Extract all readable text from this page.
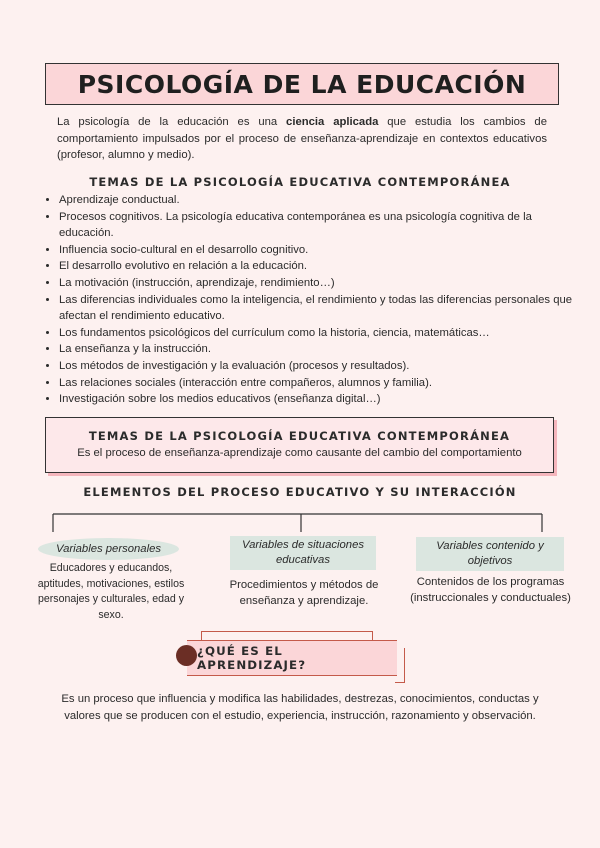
PSICOLOGÍA DE LA EDUCACIÓN

La psicología de la educación es una ciencia aplicada que estudia los cambios de comportamiento impulsados por el proceso de enseñanza-aprendizaje en contextos educativos (profesor, alumno y medio).

TEMAS DE LA PSICOLOGÍA EDUCATIVA CONTEMPORÁNEA
• Aprendizaje conductual.
• Procesos cognitivos. La psicología educativa contemporánea es una psicología cognitiva de la educación.
• Influencia socio-cultural en el desarrollo cognitivo.
• El desarrollo evolutivo en relación a la educación.
• La motivación (instrucción, aprendizaje, rendimiento…)
• Las diferencias individuales como la inteligencia, el rendimiento y todas las diferencias personales que afectan el rendimiento educativo.
• Los fundamentos psicológicos del currículum como la historia, ciencia, matemáticas…
• La enseñanza y la instrucción.
• Los métodos de investigación y la evaluación (procesos y resultados).
• Las relaciones sociales (interacción entre compañeros, alumnos y familia).
• Investigación sobre los medios educativos (enseñanza digital…)
TEMAS DE LA PSICOLOGÍA EDUCATIVA CONTEMPORÁNEA
Es el proceso de enseñanza-aprendizaje como causante del cambio del comportamiento
ELEMENTOS DEL PROCESO EDUCATIVO Y SU INTERACCIÓN
Variables personales	Variables de situaciones educativas
Variables contenido y objetivos
Educadores y educandos, aptitudes, motivaciones, estilos personajes y culturales, edad y sexo.
Procedimientos y métodos de enseñanza y aprendizaje.
Contenidos de los programas (instruccionales y conductuales)
¿QUÉ ES EL APRENDIZAJE?

Es un proceso que influencia y modifica las habilidades, destrezas, conocimientos, conductas y valores que se producen con el estudio, experiencia, instrucción, razonamiento y observación.
